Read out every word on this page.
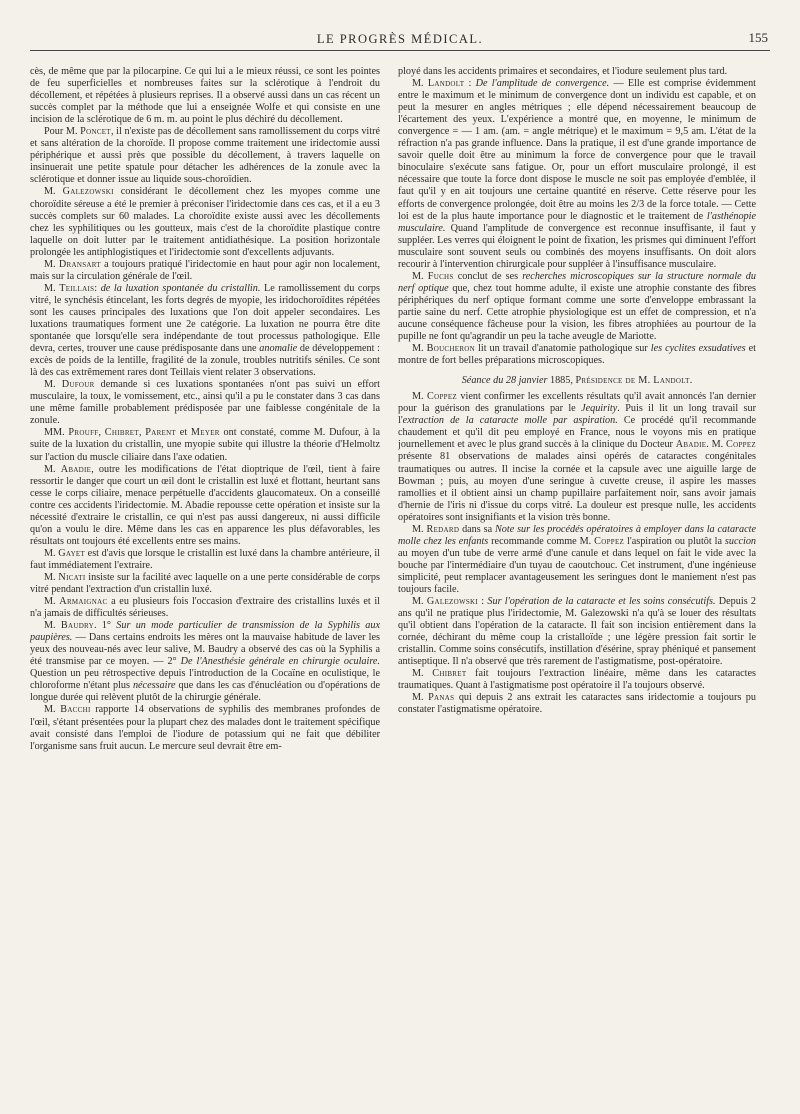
LE PROGRÈS MÉDICAL.	155

cès, de même que par la pilocarpine. Ce qui lui a le mieux réussi, ce sont les pointes de feu superficielles et nombreuses faites sur la sclérotique à l'endroit du décollement, et répétées à plusieurs reprises. Il a observé aussi dans un cas récent un succès complet par la méthode que lui a enseignée Wolfe et qui consiste en une incision de la sclérotique de 6 m. m. au point le plus déchiré du décollement.

Pour M. Poncet, il n'existe pas de décollement sans ramollissement du corps vitré et sans altération de la choroïde. Il propose comme traitement une iridectomie aussi périphérique et aussi près que possible du décollement, à travers laquelle on insinuerait une petite spatule pour détacher les adhérences de la zonule avec la sclérotique et donner issue au liquide sous-choroïdien.

M. Galezowski considérant le décollement chez les myopes comme une choroïdite séreuse a été le premier à préconiser l'iridectomie dans ces cas, et il a eu 3 succès complets sur 60 malades. La choroïdite existe aussi avec les décollements chez les syphilitiques ou les goutteux, mais c'est de la choroïdite plastique contre laquelle on doit lutter par le traitement antidiathésique. La position horizontale prolongée les antiphlogistiques et l'iridectomie sont d'excellents adjuvants.

M. Dransart a toujours pratiqué l'iridectomie en haut pour agir non localement, mais sur la circulation générale de l'œil.

M. Teillais: de la luxation spontanée du cristallin. Le ramollissement du corps vitré, le synchésis étincelant, les forts degrés de myopie, les iridochoroïdites répétées sont les causes principales des luxations que l'on doit appeler secondaires. Les luxations traumatiques forment une 2e catégorie. La luxation ne pourra être dite spontanée que lorsqu'elle sera indépendante de tout processus pathologique. Elle devra, certes, trouver une cause prédisposante dans une anomalie de développement : excès de poids de la lentille, fragilité de la zonule, troubles nutritifs séniles. Ce sont là des cas extrêmement rares dont Teillais vient relater 3 observations.

M. Dufour demande si ces luxations spontanées n'ont pas suivi un effort musculaire, la toux, le vomissement, etc., ainsi qu'il a pu le constater dans 3 cas dans une même famille probablement prédisposée par une faiblesse congénitale de la zonule.

MM. Prouff, Chibret, Parent et Meyer ont constaté, comme M. Dufour, à la suite de la luxation du cristallin, une myopie subite qui illustre la théorie d'Helmoltz sur l'action du muscle ciliaire dans l'axe odatien.

M. Abadie, outre les modifications de l'état dioptrique de l'œil, tient à faire ressortir le danger que court un œil dont le cristallin est luxé et flottant, heurtant sans cesse le corps ciliaire, menace perpétuelle d'accidents glaucomateux. On a conseillé contre ces accidents l'iridectomie. M. Abadie repousse cette opération et insiste sur la nécessité d'extraire le cristallin, ce qui n'est pas aussi dangereux, ni aussi difficile qu'on a voulu le dire. Même dans les cas en apparence les plus défavorables, les résultats ont toujours été excellents entre ses mains.

M. Gayet est d'avis que lorsque le cristallin est luxé dans la chambre antérieure, il faut immédiatement l'extraire.

M. Nicati insiste sur la facilité avec laquelle on a une perte considérable de corps vitré pendant l'extraction d'un cristallin luxé.

M. Armaignac a eu plusieurs fois l'occasion d'extraire des cristallins luxés et il n'a jamais de difficultés sérieuses.

M. Baudry. 1° Sur un mode particulier de transmission de la Syphilis aux paupières. — Dans certains endroits les mères ont la mauvaise habitude de laver les yeux des nouveau-nés avec leur salive, M. Baudry a observé des cas où la Syphilis a été transmise par ce moyen. — 2° De l'Anesthésie générale en chirurgie oculaire. Question un peu rétrospective depuis l'introduction de la Cocaïne en oculistique, le chloroforme n'étant plus nécessaire que dans les cas d'énucléation ou d'opérations de longue durée qui relèvent plutôt de la chirurgie générale.

M. Bacchi rapporte 14 observations de syphilis des membranes profondes de l'œil, s'étant présentées pour la plupart chez des malades dont le traitement spécifique avait consisté dans l'emploi de l'iodure de potassium qui ne fait que débiliter l'organisme sans fruit aucun. Le mercure seul devrait être em-

ployé dans les accidents primaires et secondaires, et l'iodure seulement plus tard.

M. Landolt : De l'amplitude de convergence. — Elle est comprise évidemment entre le maximum et le minimum de convergence dont un individu est capable, et on peut la mesurer en angles métriques ; elle dépend nécessairement beaucoup de l'écartement des yeux. L'expérience a montré que, en moyenne, le minimum de convergence = — 1 am. (am. = angle métrique) et le maximum = 9,5 am. L'état de la réfraction n'a pas grande influence. Dans la pratique, il est d'une grande importance de savoir quelle doit être au minimum la force de convergence pour que le travail binoculaire s'exécute sans fatigue. Or, pour un effort musculaire prolongé, il est nécessaire que toute la force dont dispose le muscle ne soit pas employée d'emblée, il faut qu'il y en ait toujours une certaine quantité en réserve. Cette réserve pour les efforts de convergence prolongée, doit être au moins les 2/3 de la force totale. — Cette loi est de la plus haute importance pour le diagnostic et le traitement de l'asthénopie musculaire. Quand l'amplitude de convergence est reconnue insuffisante, il faut y suppléer. Les verres qui éloignent le point de fixation, les prismes qui diminuent l'effort musculaire sont souvent seuls ou combinés des moyens insuffisants. On doit alors recourir à l'intervention chirurgicale pour suppléer à l'insuffisance musculaire.

M. Fuchs conclut de ses recherches microscopiques sur la structure normale du nerf optique que, chez tout homme adulte, il existe une atrophie constante des fibres périphériques du nerf optique formant comme une sorte d'enveloppe embrassant la partie saine du nerf. Cette atrophie physiologique est un effet de compression, et n'a aucune conséquence fâcheuse pour la vision, les fibres atrophiées au pourtour de la pupille ne font qu'agrandir un peu la tache aveugle de Mariotte.

M. Boucheron lit un travail d'anatomie pathologique sur les cyclites exsudatives et montre de fort belles préparations microscopiques.

Séance du 28 janvier 1885, Présidence de M. Landolt.

M. Coppez vient confirmer les excellents résultats qu'il avait annoncés l'an dernier pour la guérison des granulations par le Jequirity. Puis il lit un long travail sur l'extraction de la cataracte molle par aspiration. Ce procédé qu'il recommande chaudement et qu'il dit peu employé en France, nous le voyons mis en pratique journellement et avec le plus grand succès à la clinique du Docteur Abadie. M. Coppez présente 81 observations de malades ainsi opérés de cataractes congénitales traumatiques ou autres. Il incise la cornée et la capsule avec une aiguille large de Bowman ; puis, au moyen d'une seringue à cuvette creuse, il aspire les masses ramollies et il obtient ainsi un champ pupillaire parfaitement noir, sans avoir jamais d'hernie de l'iris ni d'issue du corps vitré. La douleur est presque nulle, les accidents opératoires sont insignifiants et la vision très bonne.

M. Redard dans sa Note sur les procédés opératoires à employer dans la cataracte molle chez les enfants recommande comme M. Coppez l'aspiration ou plutôt la succion au moyen d'un tube de verre armé d'une canule et dans lequel on fait le vide avec la bouche par l'intermédiaire d'un tuyau de caoutchouc. Cet instrument, d'une ingénieuse simplicité, peut remplacer avantageusement les seringues dont le maniement n'est pas toujours facile.

M. Galezowski : Sur l'opération de la cataracte et les soins consécutifs. Depuis 2 ans qu'il ne pratique plus l'iridectomie, M. Galezowski n'a qu'à se louer des résultats qu'il obtient dans l'opération de la cataracte. Il fait son incision entièrement dans la cornée, déchirant du même coup la cristalloïde ; une légère pression fait sortir le cristallin. Comme soins consécutifs, instillation d'ésérine, spray phéniqué et pansement antiseptique. Il n'a observé que très rarement de l'astigmatisme, post-opératoire.

M. Chibret fait toujours l'extraction linéaire, même dans les cataractes traumatiques. Quant à l'astigmatisme post opératoire il l'a toujours observé.

M. Panas qui depuis 2 ans extrait les cataractes sans iridectomie a toujours pu constater l'astigmatisme opératoire.
